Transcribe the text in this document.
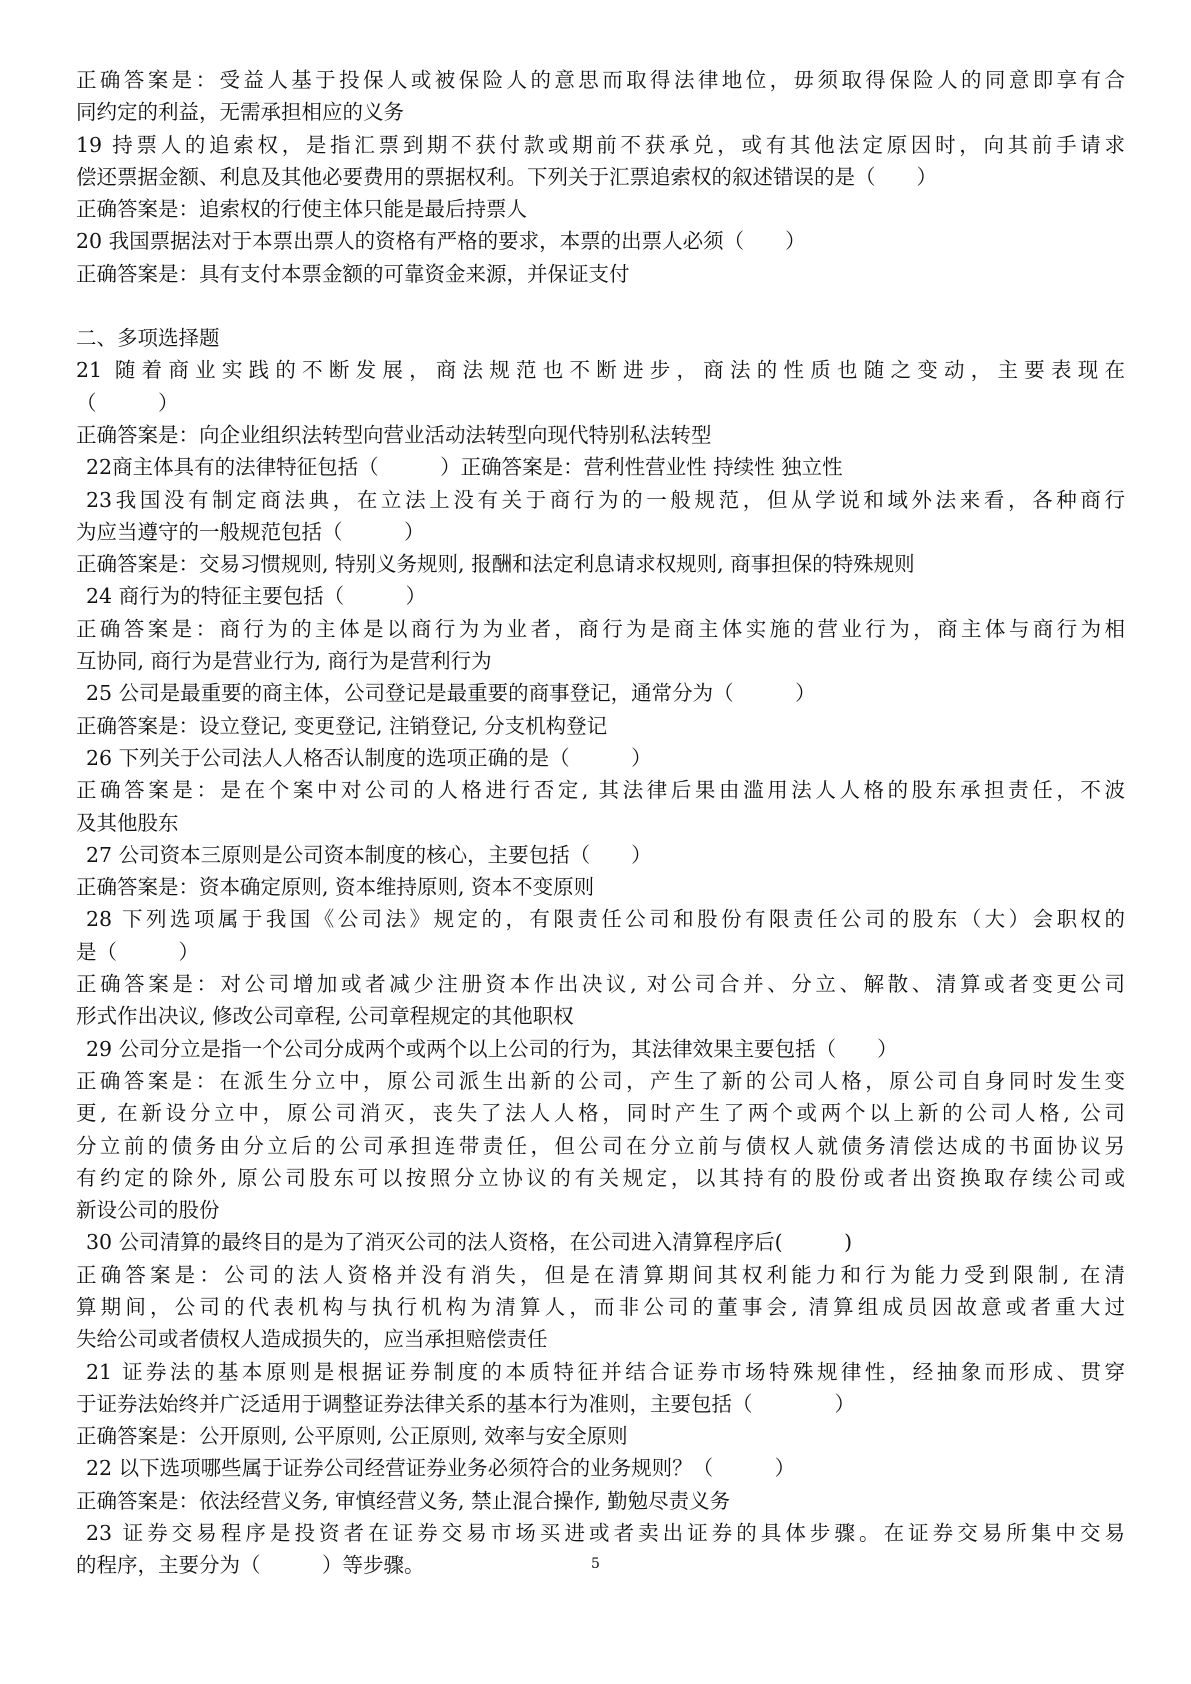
正确答案是：受益人基于投保人或被保险人的意思而取得法律地位，毋须取得保险人的同意即享有合
同约定的利益，无需承担相应的义务
19 持票人的追索权，是指汇票到期不获付款或期前不获承兑，或有其他法定原因时，向其前手请求
偿还票据金额、利息及其他必要费用的票据权利。下列关于汇票追索权的叙述错误的是（　　）
正确答案是：追索权的行使主体只能是最后持票人
20 我国票据法对于本票出票人的资格有严格的要求，本票的出票人必须（　　）
正确答案是：具有支付本票金额的可靠资金来源，并保证支付
二、多项选择题
21 随着商业实践的不断发展，商法规范也不断进步，商法的性质也随之变动，主要表现在
（　　　）
正确答案是：向企业组织法转型向营业活动法转型向现代特别私法转型
22商主体具有的法律特征包括（　　　）正确答案是：营利性营业性 持续性 独立性
23我国没有制定商法典，在立法上没有关于商行为的一般规范，但从学说和域外法来看，各种商行
为应当遵守的一般规范包括（　　　）
正确答案是：交易习惯规则, 特别义务规则, 报酬和法定利息请求权规则, 商事担保的特殊规则
24 商行为的特征主要包括（　　　）
正确答案是：商行为的主体是以商行为为业者，商行为是商主体实施的营业行为，商主体与商行为相
互协同, 商行为是营业行为, 商行为是营利行为
25 公司是最重要的商主体，公司登记是最重要的商事登记，通常分为（　　　）
正确答案是：设立登记, 变更登记, 注销登记, 分支机构登记
26 下列关于公司法人人格否认制度的选项正确的是（　　　）
正确答案是：是在个案中对公司的人格进行否定, 其法律后果由滥用法人人格的股东承担责任，不波
及其他股东
27 公司资本三原则是公司资本制度的核心，主要包括（　　）
正确答案是：资本确定原则, 资本维持原则, 资本不变原则
28 下列选项属于我国《公司法》规定的，有限责任公司和股份有限责任公司的股东（大）会职权的
是（　　　）
正确答案是：对公司增加或者减少注册资本作出决议, 对公司合并、分立、解散、清算或者变更公司
形式作出决议, 修改公司章程, 公司章程规定的其他职权
29 公司分立是指一个公司分成两个或两个以上公司的行为，其法律效果主要包括（　　）
正确答案是：在派生分立中，原公司派生出新的公司，产生了新的公司人格，原公司自身同时发生变
更, 在新设分立中，原公司消灭，丧失了法人人格，同时产生了两个或两个以上新的公司人格, 公司
分立前的债务由分立后的公司承担连带责任，但公司在分立前与债权人就债务清偿达成的书面协议另
有约定的除外, 原公司股东可以按照分立协议的有关规定，以其持有的股份或者出资换取存续公司或
新设公司的股份
30 公司清算的最终目的是为了消灭公司的法人资格，在公司进入清算程序后(　　　)
正确答案是：公司的法人资格并没有消失，但是在清算期间其权利能力和行为能力受到限制, 在清
算期间，公司的代表机构与执行机构为清算人，而非公司的董事会, 清算组成员因故意或者重大过
失给公司或者债权人造成损失的，应当承担赔偿责任
21 证券法的基本原则是根据证券制度的本质特征并结合证券市场特殊规律性，经抽象而形成、贯穿
于证券法始终并广泛适用于调整证券法律关系的基本行为准则，主要包括（　　　　）
正确答案是：公开原则, 公平原则, 公正原则, 效率与安全原则
22 以下选项哪些属于证券公司经营证券业务必须符合的业务规则？（　　　）
正确答案是：依法经营义务, 审慎经营义务, 禁止混合操作, 勤勉尽责义务
23 证券交易程序是投资者在证券交易市场买进或者卖出证券的具体步骤。在证券交易所集中交易
的程序，主要分为（　　　）等步骤。	5
